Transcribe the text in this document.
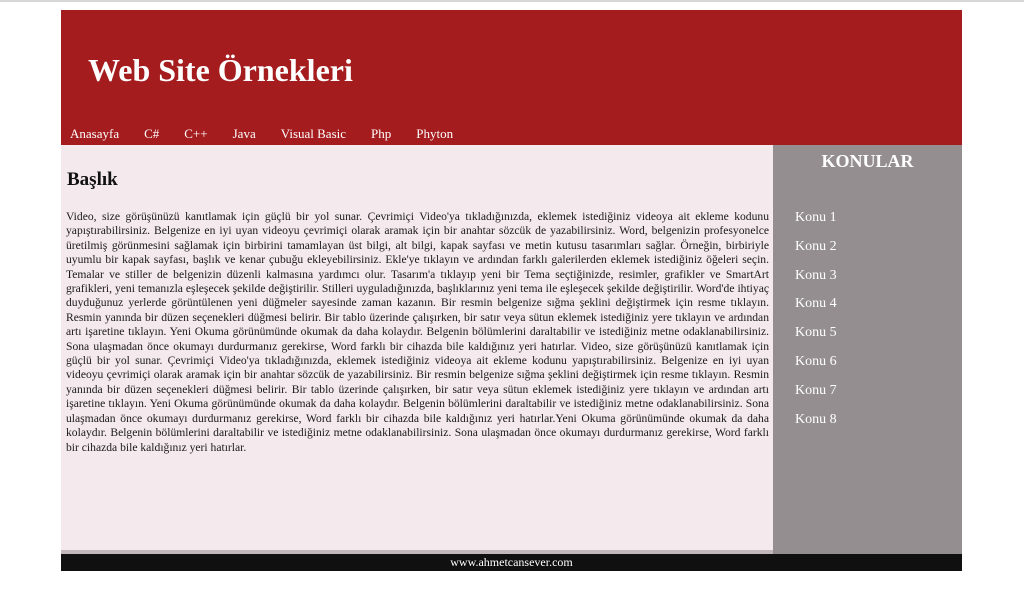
Web Site Örnekleri
Anasayfa	C#	C++	Java	Visual Basic	Php	Phyton
Başlık

Video, size görüşünüzü kanıtlamak için güçlü bir yol sunar. Çevrimiçi Video'ya tıkladığınızda, eklemek istediğiniz videoya ait ekleme kodunu yapıştırabilirsiniz. Belgenize en iyi uyan videoyu çevrimiçi olarak aramak için bir anahtar sözcük de yazabilirsiniz. Word, belgenizin profesyonelce üretilmiş görünmesini sağlamak için birbirini tamamlayan üst bilgi, alt bilgi, kapak sayfası ve metin kutusu tasarımları sağlar. Örneğin, birbiriyle uyumlu bir kapak sayfası, başlık ve kenar çubuğu ekleyebilirsiniz. Ekle'ye tıklayın ve ardından farklı galerilerden eklemek istediğiniz öğeleri seçin. Temalar ve stiller de belgenizin düzenli kalmasına yardımcı olur. Tasarım'a tıklayıp yeni bir Tema seçtiğinizde, resimler, grafikler ve SmartArt grafikleri, yeni temanızla eşleşecek şekilde değiştirilir. Stilleri uyguladığınızda, başlıklarınız yeni tema ile eşleşecek şekilde değiştirilir. Word'de ihtiyaç duyduğunuz yerlerde görüntülenen yeni düğmeler sayesinde zaman kazanın. Bir resmin belgenize sığma şeklini değiştirmek için resme tıklayın. Resmin yanında bir düzen seçenekleri düğmesi belirir. Bir tablo üzerinde çalışırken, bir satır veya sütun eklemek istediğiniz yere tıklayın ve ardından artı işaretine tıklayın. Yeni Okuma görünümünde okumak da daha kolaydır. Belgenin bölümlerini daraltabilir ve istediğiniz metne odaklanabilirsiniz. Sona ulaşmadan önce okumayı durdurmanız gerekirse, Word farklı bir cihazda bile kaldığınız yeri hatırlar. Video, size görüşünüzü kanıtlamak için güçlü bir yol sunar. Çevrimiçi Video'ya tıkladığınızda, eklemek istediğiniz videoya ait ekleme kodunu yapıştırabilirsiniz. Belgenize en iyi uyan videoyu çevrimiçi olarak aramak için bir anahtar sözcük de yazabilirsiniz. Bir resmin belgenize sığma şeklini değiştirmek için resme tıklayın. Resmin yanında bir düzen seçenekleri düğmesi belirir. Bir tablo üzerinde çalışırken, bir satır veya sütun eklemek istediğiniz yere tıklayın ve ardından artı işaretine tıklayın. Yeni Okuma görünümünde okumak da daha kolaydır. Belgenin bölümlerini daraltabilir ve istediğiniz metne odaklanabilirsiniz. Sona ulaşmadan önce okumayı durdurmanız gerekirse, Word farklı bir cihazda bile kaldığınız yeri hatırlar.Yeni Okuma görünümünde okumak da daha kolaydır. Belgenin bölümlerini daraltabilir ve istediğiniz metne odaklanabilirsiniz. Sona ulaşmadan önce okumayı durdurmanız gerekirse, Word farklı bir cihazda bile kaldığınız yeri hatırlar.

KONULAR
Konu 1
Konu 2
Konu 3
Konu 4
Konu 5
Konu 6
Konu 7
Konu 8
www.ahmetcansever.com
